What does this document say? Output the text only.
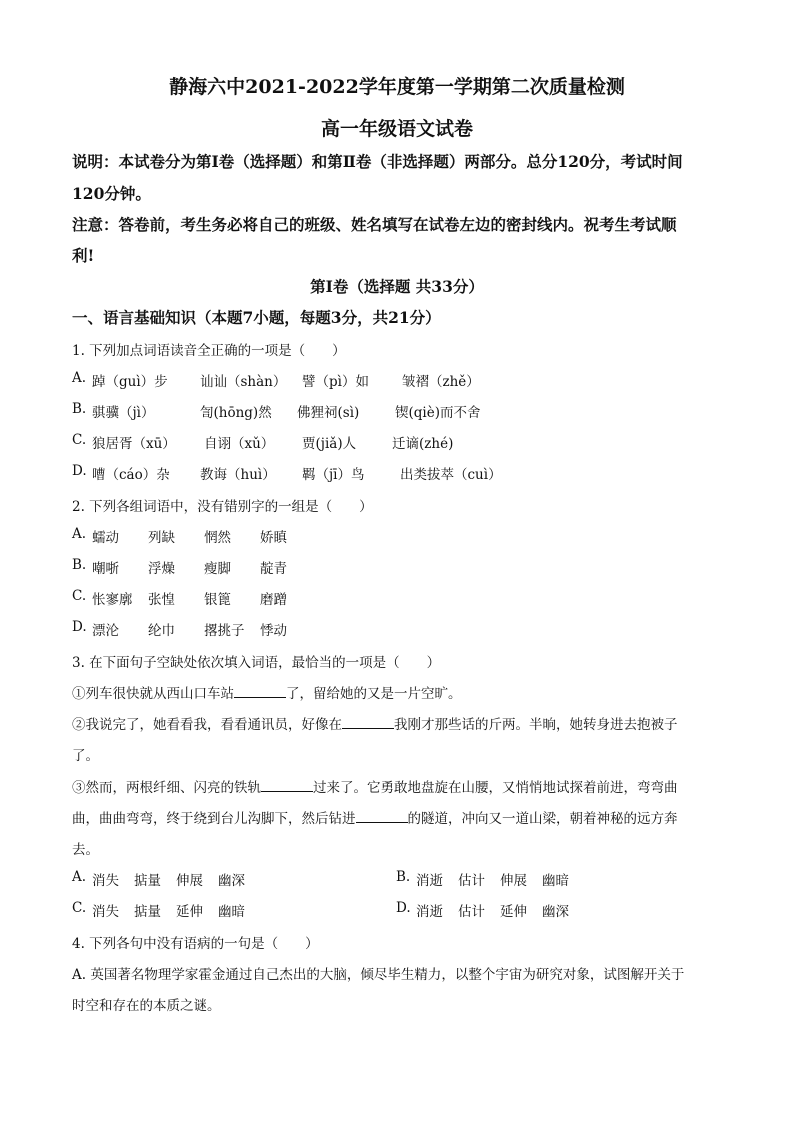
静海六中2021-2022学年度第一学期第二次质量检测
高一年级语文试卷
说明：本试卷分为第Ⅰ卷（选择题）和第Ⅱ卷（非选择题）两部分。总分120分，考试时间
120分钟。
注意：答卷前，考生务必将自己的班级、姓名填写在试卷左边的密封线内。祝考生考试顺
利!
第Ⅰ卷（选择题 共33分）
一、语言基础知识（本题7小题，每题3分，共21分）
1. 下列加点词语读音全正确的一项是（　　）
A. 踔（guì）步 讪讪（shàn） 譬（pì）如 皱褶（zhě）
B. 骐骥（jì）	訇(hōng)然 佛狸祠(sì)	锲(qiè)而不舍
C. 狼居胥（xū） 自诩（xǔ） 贾(jiǎ)人	迁谪(zhé)
D. 嘈（cáo）杂 教诲（huì） 羁（jī）鸟	出类拔萃（cuì）
2. 下列各组词语中，没有错别字的一组是（　　）
A. 蠕动 列缺 惘然 娇瞋
B. 嘲哳 浮燥 瘦脚 靛青
C. 怅寥廓 张惶 银篦 磨蹭
D. 漂沦 纶巾 撂挑子 悸动
3. 在下面句子空缺处依次填入词语，最恰当的一项是（　　）
①列车很快就从西山口车站	了，留给她的又是一片空旷。
②我说完了，她看看我，看看通讯员，好像在	我刚才那些话的斤两。半晌，她转身进去抱被子
了。
③然而，两根纤细、闪亮的铁轨	过来了。它勇敢地盘旋在山腰，又悄悄地试探着前进，弯弯曲
曲，曲曲弯弯，终于绕到台儿沟脚下，然后钻进	的隧道，冲向又一道山梁，朝着神秘的远方奔
去。
A. 消失 掂量 伸展 幽深	B. 消逝 估计 伸展 幽暗
C. 消失 掂量 延伸 幽暗	D. 消逝 估计 延伸 幽深
4. 下列各句中没有语病的一句是（　　）
A. 英国著名物理学家霍金通过自己杰出的大脑，倾尽毕生精力，以整个宇宙为研究对象，试图解开关于
时空和存在的本质之谜。
